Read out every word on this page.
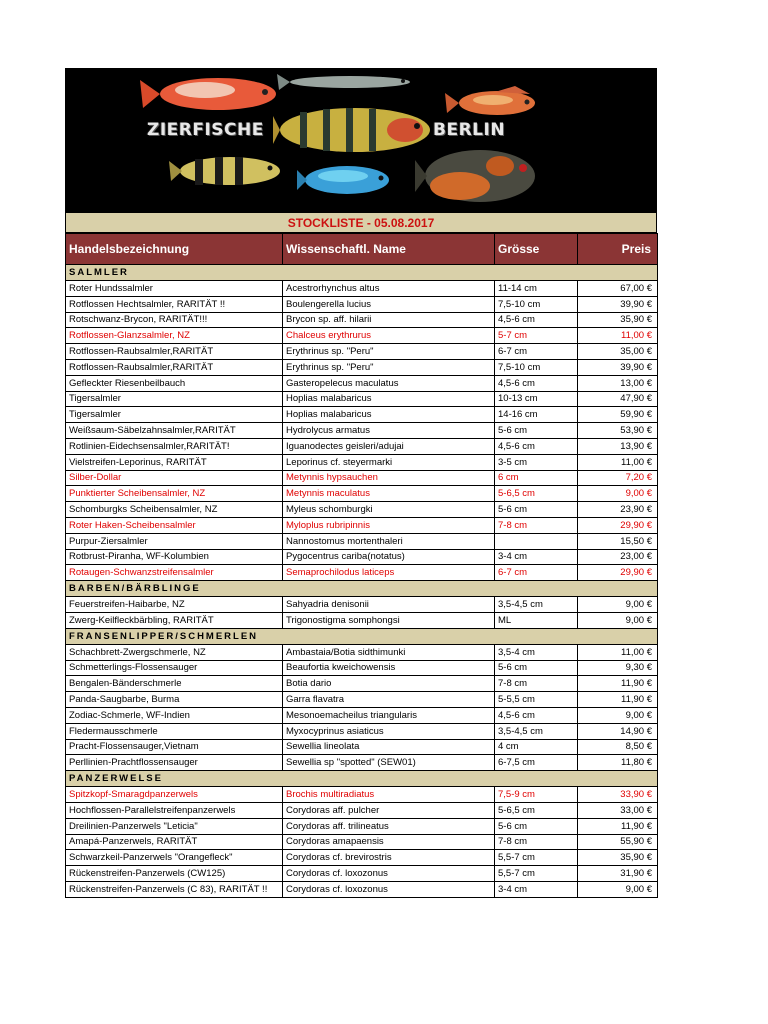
ZIERFISCHE	BERLIN
STOCKLISTE - 05.08.2017
Handelsbezeichnung	Wissenschaftl. Name	Grösse	Preis
SALMLER			
Roter Hundssalmler	Acestrorhynchus altus	11-14 cm	67,00 €
Rotflossen Hechtsalmler, RARITÄT !!	Boulengerella lucius	7,5-10 cm	39,90 €
Rotschwanz-Brycon, RARITÄT!!!	Brycon sp. aff. hilarii	4,5-6 cm	35,90 €
Rotflossen-Glanzsalmler, NZ	Chalceus erythrurus	5-7 cm	11,00 €
Rotflossen-Raubsalmler,RARITÄT	Erythrinus sp. "Peru"	6-7 cm	35,00 €
Rotflossen-Raubsalmler,RARITÄT	Erythrinus sp. "Peru"	7,5-10 cm	39,90 €
Gefleckter Riesenbeilbauch	Gasteropelecus maculatus	4,5-6 cm	13,00 €
Tigersalmler	Hoplias malabaricus	10-13 cm	47,90 €
Tigersalmler	Hoplias malabaricus	14-16 cm	59,90 €
Weißsaum-Säbelzahnsalmler,RARITÄT	Hydrolycus armatus	5-6 cm	53,90 €
Rotlinien-Eidechsensalmler,RARITÄT!	Iguanodectes geisleri/adujai	4,5-6 cm	13,90 €
Vielstreifen-Leporinus, RARITÄT	Leporinus cf. steyermarki	3-5 cm	11,00 €
Silber-Dollar	Metynnis hypsauchen	6 cm	7,20 €
Punktierter Scheibensalmler, NZ	Metynnis maculatus	5-6,5 cm	9,00 €
Schomburgks Scheibensalmler, NZ	Myleus schomburgki	5-6 cm	23,90 €
Roter Haken-Scheibensalmler	Myloplus rubripinnis	7-8 cm	29,90 €
Purpur-Ziersalmler	Nannostomus mortenthaleri		15,50 €
Rotbrust-Piranha, WF-Kolumbien	Pygocentrus cariba(notatus)	3-4 cm	23,00 €
Rotaugen-Schwanzstreifensalmler	Semaprochilodus laticeps	6-7 cm	29,90 €
BARBEN/BÄRBLINGE			
Feuerstreifen-Haibarbe, NZ	Sahyadria denisonii	3,5-4,5 cm	9,00 €
Zwerg-Keilfleckbärbling, RARITÄT	Trigonostigma somphongsi	ML	9,00 €
FRANSENLIPPER/SCHMERLEN			
Schachbrett-Zwergschmerle, NZ	Ambastaia/Botia sidthimunki	3,5-4 cm	11,00 €
Schmetterlings-Flossensauger	Beaufortia kweichowensis	5-6 cm	9,30 €
Bengalen-Bänderschmerle	Botia dario	7-8 cm	11,90 €
Panda-Saugbarbe, Burma	Garra flavatra	5-5,5 cm	11,90 €
Zodiac-Schmerle, WF-Indien	Mesonoemacheilus triangularis	4,5-6 cm	9,00 €
Fledermausschmerle	Myxocyprinus asiaticus	3,5-4,5 cm	14,90 €
Pracht-Flossensauger,Vietnam	Sewellia lineolata	4 cm	8,50 €
Perllinien-Prachtflossensauger	Sewellia sp "spotted" (SEW01)	6-7,5 cm	11,80 €
PANZERWELSE			
Spitzkopf-Smaragdpanzerwels	Brochis multiradiatus	7,5-9 cm	33,90 €
Hochflossen-Parallelstreifenpanzerwels	Corydoras aff. pulcher	5-6,5 cm	33,00 €
Dreilinien-Panzerwels "Leticia"	Corydoras aff. trilineatus	5-6 cm	11,90 €
Amapá-Panzerwels, RARITÄT	Corydoras amapaensis	7-8 cm	55,90 €
Schwarzkeil-Panzerwels "Orangefleck"	Corydoras cf. brevirostris	5,5-7 cm	35,90 €
Rückenstreifen-Panzerwels (CW125)	Corydoras cf. loxozonus	5,5-7 cm	31,90 €
Rückenstreifen-Panzerwels (C 83), RARITÄT !!	Corydoras cf. loxozonus	3-4 cm	9,00 €
